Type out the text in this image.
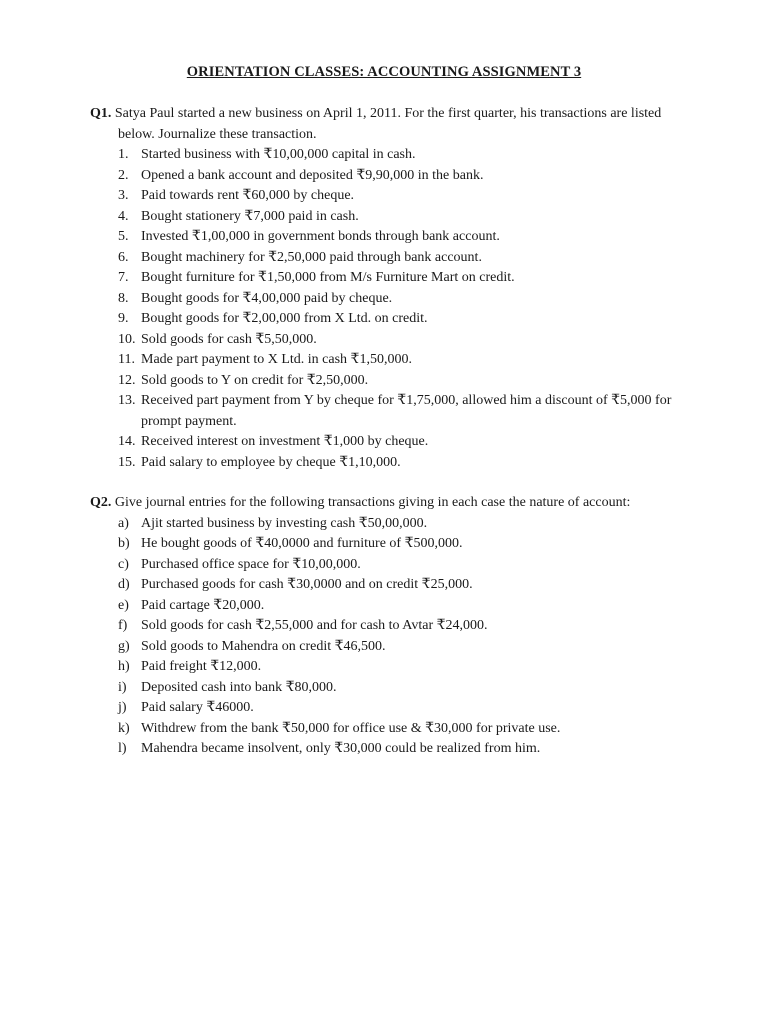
ORIENTATION CLASSES: ACCOUNTING ASSIGNMENT 3

Q1. Satya Paul started a new business on April 1, 2011. For the first quarter, his transactions are listed below. Journalize these transaction.

1. Started business with ₹10,00,000 capital in cash.
2. Opened a bank account and deposited ₹9,90,000 in the bank.
3. Paid towards rent ₹60,000 by cheque.
4. Bought stationery ₹7,000 paid in cash.
5. Invested ₹1,00,000 in government bonds through bank account.
6. Bought machinery for ₹2,50,000 paid through bank account.
7. Bought furniture for ₹1,50,000 from M/s Furniture Mart on credit.
8. Bought goods for ₹4,00,000 paid by cheque.
9. Bought goods for ₹2,00,000 from X Ltd. on credit.
10. Sold goods for cash ₹5,50,000.
11. Made part payment to X Ltd. in cash ₹1,50,000.
12. Sold goods to Y on credit for ₹2,50,000.
13. Received part payment from Y by cheque for ₹1,75,000, allowed him a discount of ₹5,000 for prompt payment.
14. Received interest on investment ₹1,000 by cheque.
15. Paid salary to employee by cheque ₹1,10,000.

Q2. Give journal entries for the following transactions giving in each case the nature of account:

a) Ajit started business by investing cash ₹50,00,000.
b) He bought goods of ₹40,0000 and furniture of ₹500,000.
c) Purchased office space for ₹10,00,000.
d) Purchased goods for cash ₹30,0000 and on credit ₹25,000.
e) Paid cartage ₹20,000.
f) Sold goods for cash ₹2,55,000 and for cash to Avtar ₹24,000.
g) Sold goods to Mahendra on credit ₹46,500.
h) Paid freight ₹12,000.
i) Deposited cash into bank ₹80,000.
j) Paid salary ₹46000.
k) Withdrew from the bank ₹50,000 for office use & ₹30,000 for private use.
l) Mahendra became insolvent, only ₹30,000 could be realized from him.
